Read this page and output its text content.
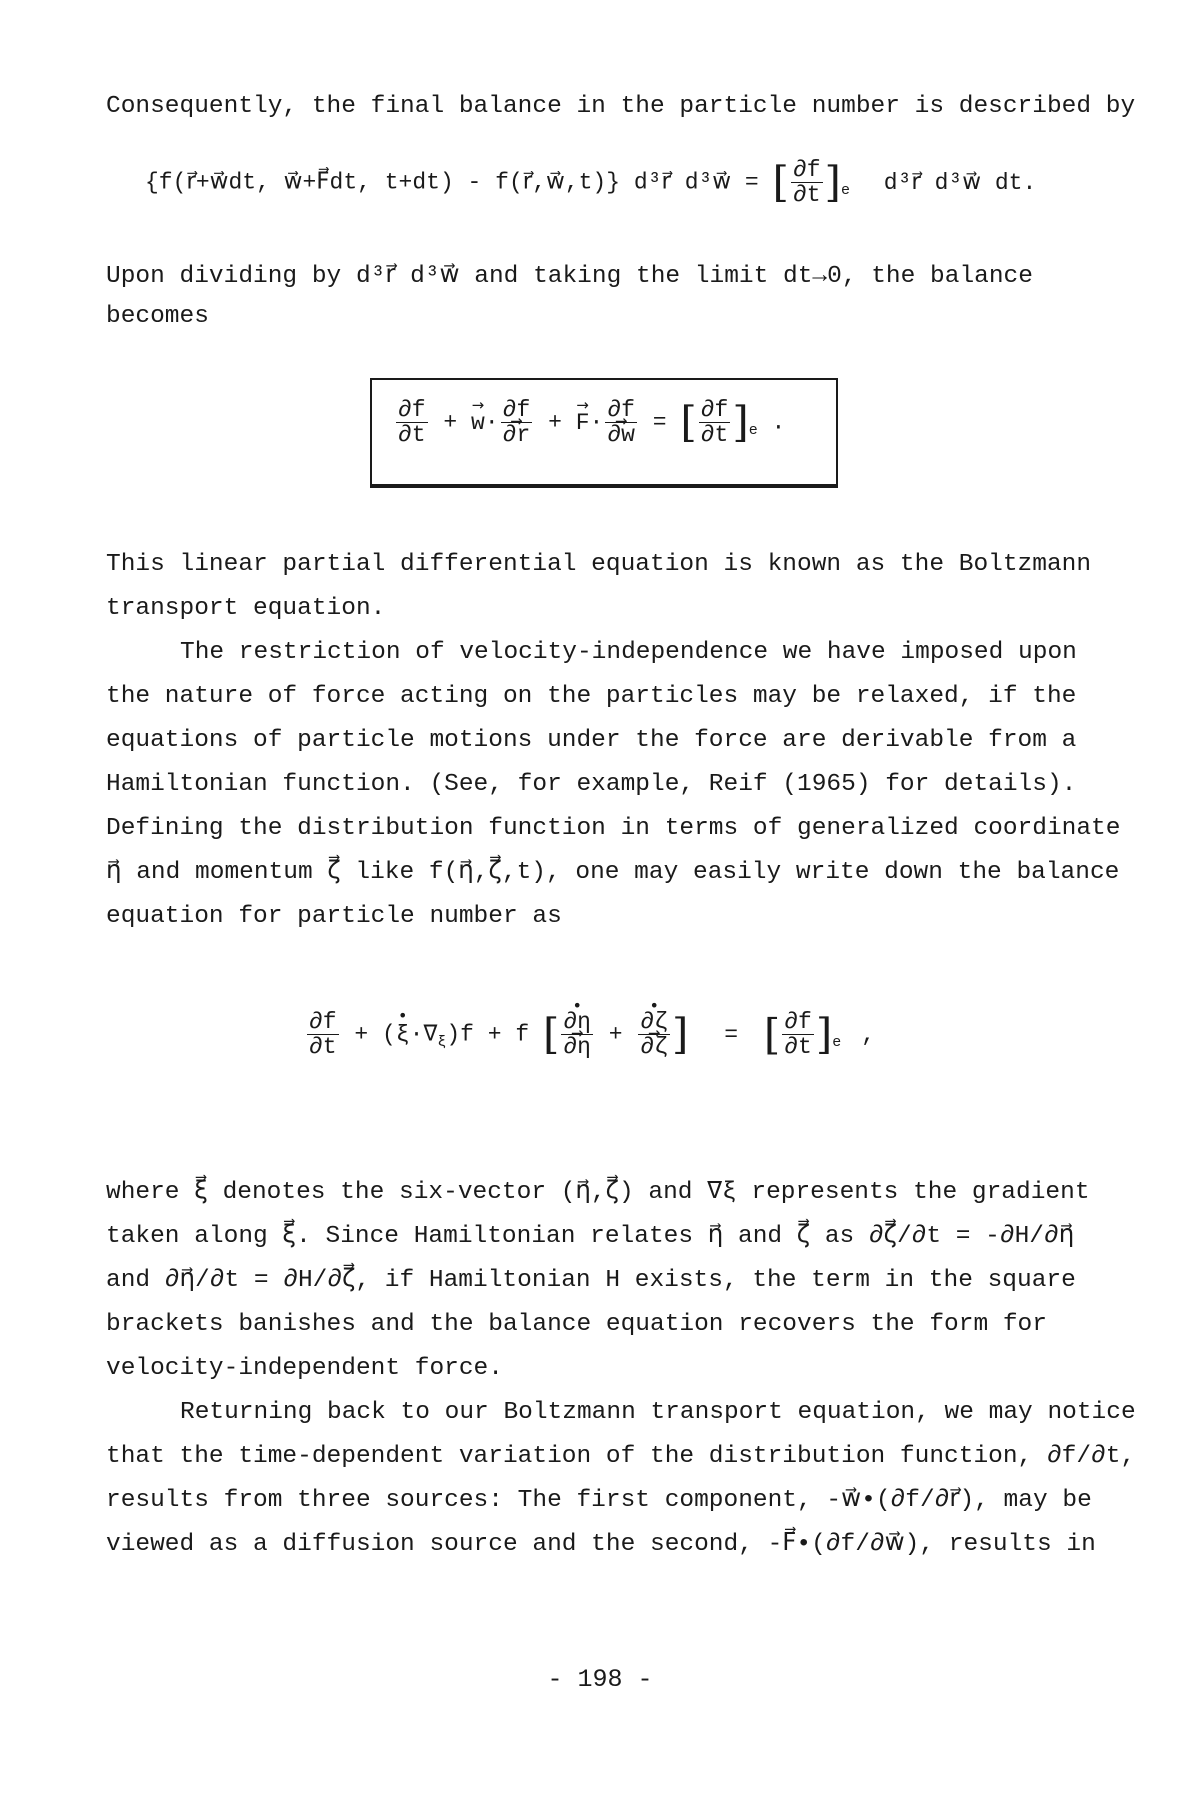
Consequently, the final balance in the particle number is described by
{f(r⃗+w⃗dt, w⃗+F⃗dt, t+dt) - f(r⃗,w⃗,t)} d³r⃗ d³w⃗ = [ $\frac{\partial f}{\partial t} ]_e$ d³r⃗ d³w⃗ dt.
Upon dividing by d³r⃗ d³w⃗ and taking the limit dt→0, the balance
becomes
$\frac{\partial f}{\partial t}$ + → w· ∂f
→ ∂r + → F· ∂f
→ ∂w = [ $\frac{\partial f}{\partial t} ]_e$ .
This linear partial differential equation is known as the Boltzmann
transport equation.
The restriction of velocity-independence we have imposed upon
the nature of force acting on the particles may be relaxed, if the
equations of particle motions under the force are derivable from a
Hamiltonian function. (See, for example, Reif (1965) for details).
Defining the distribution function in terms of generalized coordinate
η⃗ and momentum ζ⃗ like f(η⃗,ζ⃗,t), one may easily write down the balance
equation for particle number as
$\frac{\partial f}{\partial t}$ + (• $\xi\cdot\nabla_\xi)f + f$ [ • ∂η
→ ∂η + • ∂ζ
→ ∂ζ ] = [ $\frac{\partial f}{\partial t} ]_e$ ,
where ξ⃗ denotes the six-vector (η⃗,ζ⃗) and ∇ξ represents the gradient
taken along ξ⃗. Since Hamiltonian relates η⃗ and ζ⃗ as ∂ζ⃗/∂t = -∂H/∂η⃗
and ∂η⃗/∂t = ∂H/∂ζ⃗, if Hamiltonian H exists, the term in the square
brackets banishes and the balance equation recovers the form for
velocity-independent force.
Returning back to our Boltzmann transport equation, we may notice
that the time-dependent variation of the distribution function, ∂f/∂t,
results from three sources: The first component, -w⃗•(∂f/∂r⃗), may be
viewed as a diffusion source and the second, -F⃗•(∂f/∂w⃗), results in
- 198 -
